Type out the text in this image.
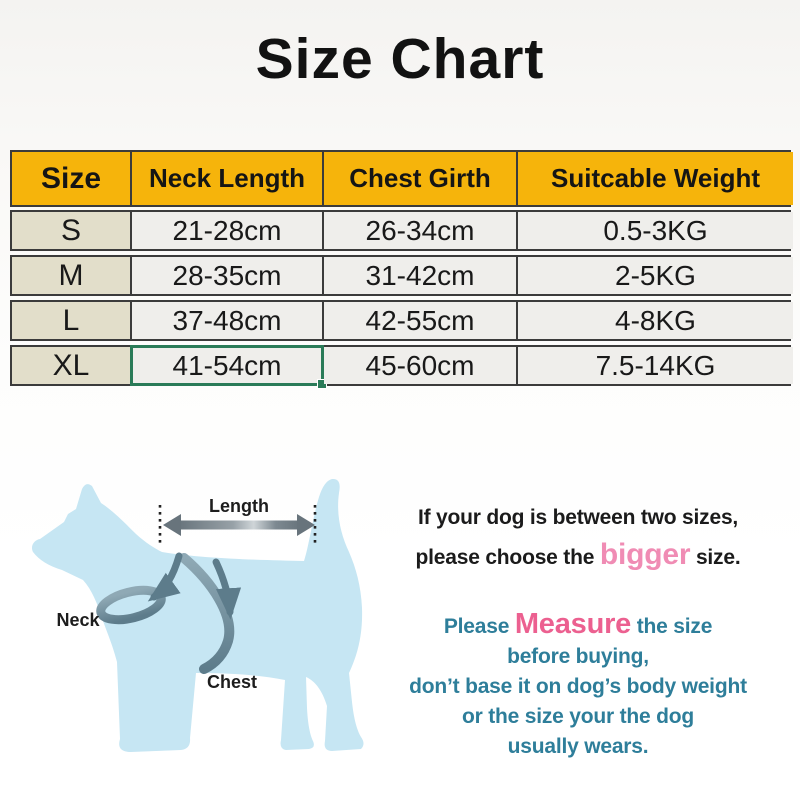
Size Chart
Size	Neck Length	Chest Girth	Suitcable Weight
S	21-28cm	26-34cm	0.5-3KG
M	28-35cm	31-42cm	2-5KG
L	37-48cm	42-55cm	4-8KG
XL	41-54cm	45-60cm	7.5-14KG
Length
Neck
Chest

If your dog is between two sizes,

please choose the bigger size.

Please Measure the size

before buying,

don’t base it on dog’s body weight

or the size your the dog

usually wears.
